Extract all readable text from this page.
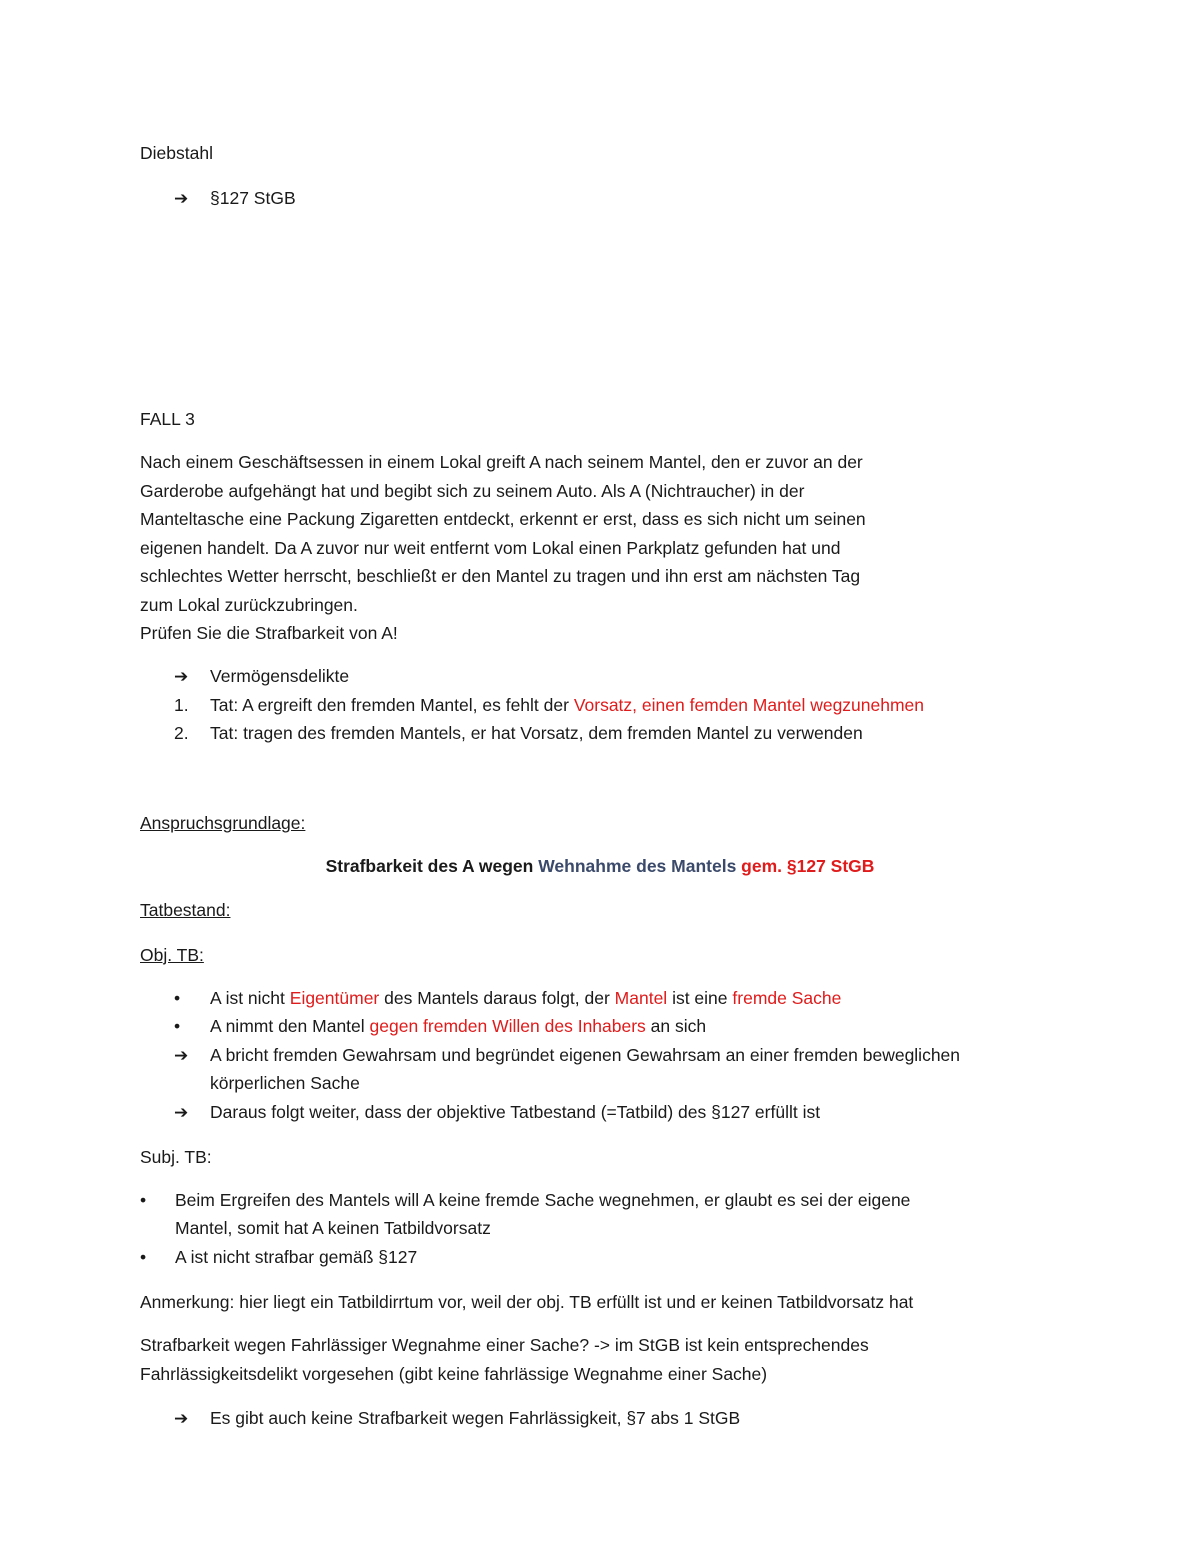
Diebstahl
➔ §127 StGB
FALL 3
Nach einem Geschäftsessen in einem Lokal greift A nach seinem Mantel, den er zuvor an der
Garderobe aufgehängt hat und begibt sich zu seinem Auto. Als A (Nichtraucher) in der
Manteltasche eine Packung Zigaretten entdeckt, erkennt er erst, dass es sich nicht um seinen
eigenen handelt. Da A zuvor nur weit entfernt vom Lokal einen Parkplatz gefunden hat und
schlechtes Wetter herrscht, beschließt er den Mantel zu tragen und ihn erst am nächsten Tag
zum Lokal zurückzubringen.
Prüfen Sie die Strafbarkeit von A!
➔ Vermögensdelikte
1. Tat: A ergreift den fremden Mantel, es fehlt der Vorsatz, einen femden Mantel wegzunehmen
2. Tat: tragen des fremden Mantels, er hat Vorsatz, dem fremden Mantel zu verwenden
Anspruchsgrundlage:
Strafbarkeit des A wegen Wehnahme des Mantels gem. §127 StGB
Tatbestand:
Obj. TB:
• A ist nicht Eigentümer des Mantels daraus folgt, der Mantel ist eine fremde Sache
• A nimmt den Mantel gegen fremden Willen des Inhabers an sich
➔ A bricht fremden Gewahrsam und begründet eigenen Gewahrsam an einer fremden beweglichen
körperlichen Sache
➔ Daraus folgt weiter, dass der objektive Tatbestand (=Tatbild) des §127 erfüllt ist
Subj. TB:
• Beim Ergreifen des Mantels will A keine fremde Sache wegnehmen, er glaubt es sei der eigene
Mantel, somit hat A keinen Tatbildvorsatz
• A ist nicht strafbar gemäß §127
Anmerkung: hier liegt ein Tatbildirrtum vor, weil der obj. TB erfüllt ist und er keinen Tatbildvorsatz hat
Strafbarkeit wegen Fahrlässiger Wegnahme einer Sache? -> im StGB ist kein entsprechendes
Fahrlässigkeitsdelikt vorgesehen (gibt keine fahrlässige Wegnahme einer Sache)
➔ Es gibt auch keine Strafbarkeit wegen Fahrlässigkeit, §7 abs 1 StGB
